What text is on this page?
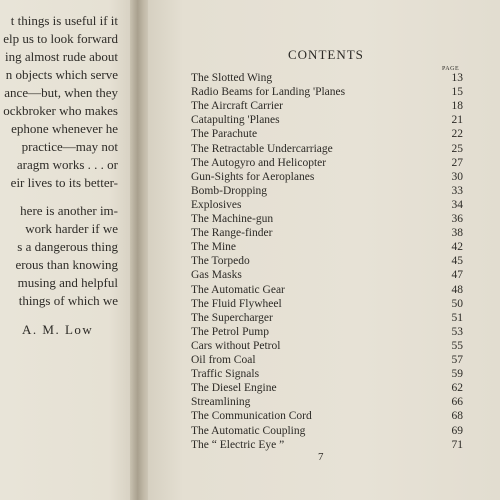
t things is useful if it
elp us to look forward
ing almost rude about
n objects which serve
ance—but, when they
ockbroker who makes
ephone whenever he
practice—may not
aragm works . . . or
eir lives to its better-
here is another im-
work harder if we
s a dangerous thing
erous than knowing
musing and helpful
things of which we
A. M. Low
CONTENTS
PAGE
The Slotted Wing	13
Radio Beams for Landing 'Planes	15
The Aircraft Carrier	18
Catapulting 'Planes	21
The Parachute	22
The Retractable Undercarriage	25
The Autogyro and Helicopter	27
Gun-Sights for Aeroplanes	30
Bomb-Dropping	33
Explosives	34
The Machine-gun	36
The Range-finder	38
The Mine	42
The Torpedo	45
Gas Masks	47
The Automatic Gear	48
The Fluid Flywheel	50
The Supercharger	51
The Petrol Pump	53
Cars without Petrol	55
Oil from Coal	57
Traffic Signals	59
The Diesel Engine	62
Streamlining	66
The Communication Cord	68
The Automatic Coupling	69
The “ Electric Eye ”	71
7
